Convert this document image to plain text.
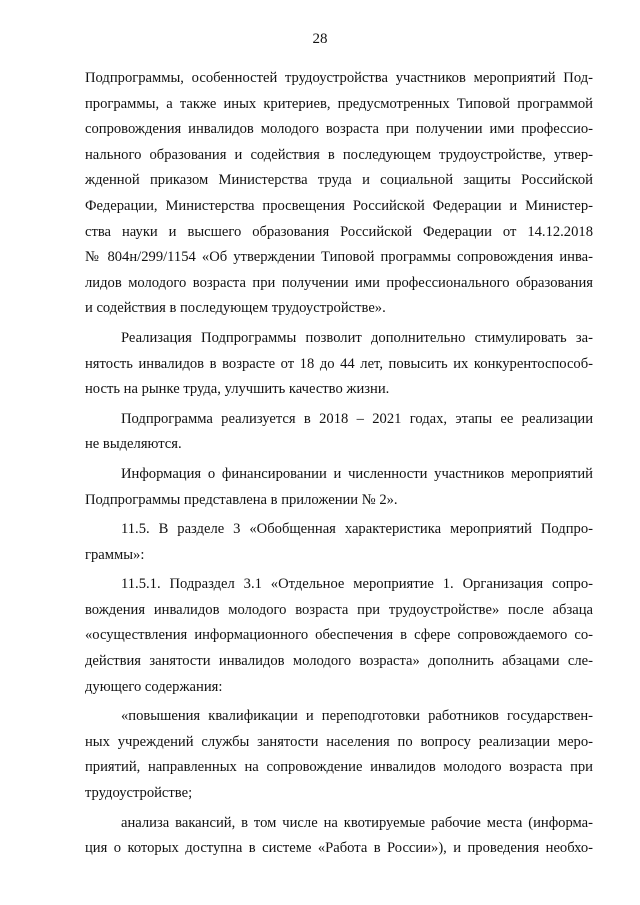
28

Подпрограммы, особенностей трудоустройства участников мероприятий Под-

программы, а также иных критериев, предусмотренных Типовой программой

сопровождения инвалидов молодого возраста при получении ими профессио-

нального образования и содействия в последующем трудоустройстве, утвер-

жденной приказом Министерства труда и социальной защиты Российской

Федерации, Министерства просвещения Российской Федерации и Министер-

ства науки и высшего образования Российской Федерации от 14.12.2018

№ 804н/299/1154 «Об утверждении Типовой программы сопровождения инва-

лидов молодого возраста при получении ими профессионального образования

и содействия в последующем трудоустройстве».

Реализация Подпрограммы позволит дополнительно стимулировать за-

нятость инвалидов в возрасте от 18 до 44 лет, повысить их конкурентоспособ-

ность на рынке труда, улучшить качество жизни.

Подпрограмма реализуется в 2018 – 2021 годах, этапы ее реализации

не выделяются.

Информация о финансировании и численности участников мероприятий

Подпрограммы представлена в приложении № 2».

11.5. В разделе 3 «Обобщенная характеристика мероприятий Подпро-

граммы»:

11.5.1. Подраздел 3.1 «Отдельное мероприятие 1. Организация сопро-

вождения инвалидов молодого возраста при трудоустройстве» после абзаца

«осуществления информационного обеспечения в сфере сопровождаемого со-

действия занятости инвалидов молодого возраста» дополнить абзацами сле-

дующего содержания:

«повышения квалификации и переподготовки работников государствен-

ных учреждений службы занятости населения по вопросу реализации меро-

приятий, направленных на сопровождение инвалидов молодого возраста при

трудоустройстве;

анализа вакансий, в том числе на квотируемые рабочие места (информа-

ция о которых доступна в системе «Работа в России»), и проведения необхо-
